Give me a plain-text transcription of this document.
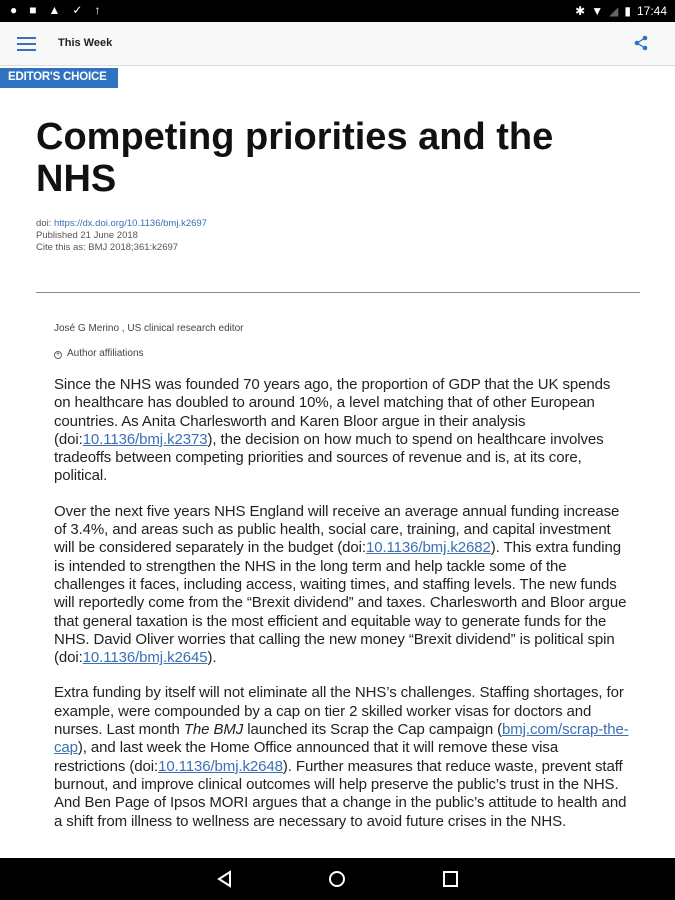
● ■ ▲ ✓ ↑	✱ ▼ ◢ ▮ 17:44
This Week
EDITOR'S CHOICE
Competing priorities and the NHS
doi: https://dx.doi.org/10.1136/bmj.k2697
Published 21 June 2018
Cite this as: BMJ 2018;361:k2697
José G Merino , US clinical research editor
+ Author affiliations

Since the NHS was founded 70 years ago, the proportion of GDP that the UK spends on healthcare has doubled to around 10%, a level matching that of other European countries. As Anita Charlesworth and Karen Bloor argue in their analysis (doi:10.1136/bmj.k2373), the decision on how much to spend on healthcare involves tradeoffs between competing priorities and sources of revenue and is, at its core, political.

Over the next five years NHS England will receive an average annual funding increase of 3.4%, and areas such as public health, social care, training, and capital investment will be considered separately in the budget (doi:10.1136/bmj.k2682). This extra funding is intended to strengthen the NHS in the long term and help tackle some of the challenges it faces, including access, waiting times, and staffing levels. The new funds will reportedly come from the “Brexit dividend” and taxes. Charlesworth and Bloor argue that general taxation is the most efficient and equitable way to generate funds for the NHS. David Oliver worries that calling the new money “Brexit dividend” is political spin (doi:10.1136/bmj.k2645).

Extra funding by itself will not eliminate all the NHS’s challenges. Staffing shortages, for example, were compounded by a cap on tier 2 skilled worker visas for doctors and nurses. Last month The BMJ launched its Scrap the Cap campaign (bmj.com/scrap-the-cap), and last week the Home Office announced that it will remove these visa restrictions (doi:10.1136/bmj.k2648). Further measures that reduce waste, prevent staff burnout, and improve clinical outcomes will help preserve the public’s trust in the NHS. And Ben Page of Ipsos MORI argues that a change in the public’s attitude to health and a shift from illness to wellness are necessary to avoid future crises in the NHS.
